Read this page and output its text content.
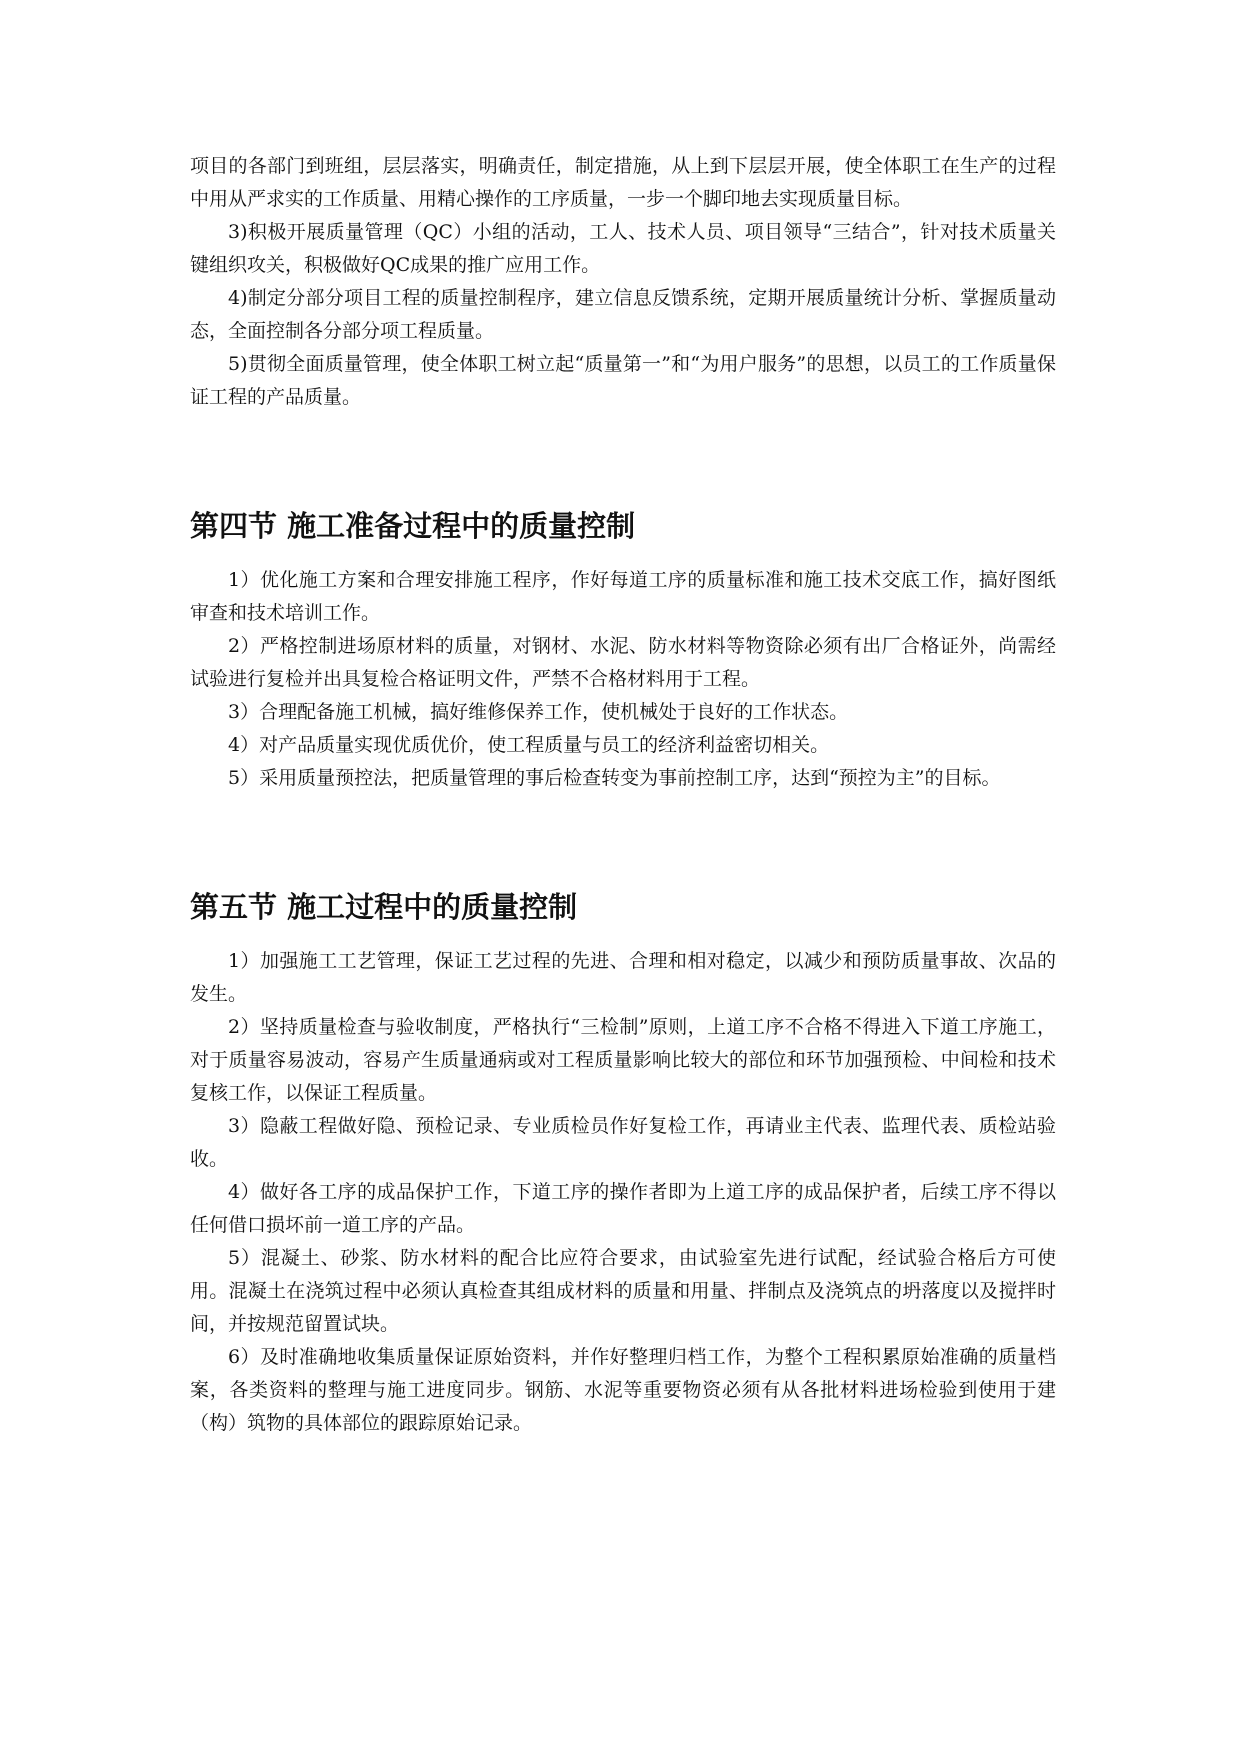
项目的各部门到班组，层层落实，明确责任，制定措施，从上到下层层开展，使全体职工在生产的过程中用从严求实的工作质量、用精心操作的工序质量，一步一个脚印地去实现质量目标。

3)积极开展质量管理（QC）小组的活动，工人、技术人员、项目领导“三结合”，针对技术质量关键组织攻关，积极做好QC成果的推广应用工作。

4)制定分部分项目工程的质量控制程序，建立信息反馈系统，定期开展质量统计分析、掌握质量动态，全面控制各分部分项工程质量。

5)贯彻全面质量管理，使全体职工树立起“质量第一”和“为用户服务”的思想，以员工的工作质量保证工程的产品质量。

第四节 施工准备过程中的质量控制

1）优化施工方案和合理安排施工程序，作好每道工序的质量标准和施工技术交底工作，搞好图纸审查和技术培训工作。

2）严格控制进场原材料的质量，对钢材、水泥、防水材料等物资除必须有出厂合格证外，尚需经试验进行复检并出具复检合格证明文件，严禁不合格材料用于工程。

3）合理配备施工机械，搞好维修保养工作，使机械处于良好的工作状态。

4）对产品质量实现优质优价，使工程质量与员工的经济利益密切相关。

5）采用质量预控法，把质量管理的事后检查转变为事前控制工序，达到“预控为主”的目标。

第五节 施工过程中的质量控制

1）加强施工工艺管理，保证工艺过程的先进、合理和相对稳定，以减少和预防质量事故、次品的发生。

2）坚持质量检查与验收制度，严格执行“三检制”原则，上道工序不合格不得进入下道工序施工，对于质量容易波动，容易产生质量通病或对工程质量影响比较大的部位和环节加强预检、中间检和技术复核工作，以保证工程质量。

3）隐蔽工程做好隐、预检记录、专业质检员作好复检工作，再请业主代表、监理代表、质检站验收。

4）做好各工序的成品保护工作，下道工序的操作者即为上道工序的成品保护者，后续工序不得以任何借口损坏前一道工序的产品。

5）混凝土、砂浆、防水材料的配合比应符合要求，由试验室先进行试配，经试验合格后方可使用。混凝土在浇筑过程中必须认真检查其组成材料的质量和用量、拌制点及浇筑点的坍落度以及搅拌时间，并按规范留置试块。

6）及时准确地收集质量保证原始资料，并作好整理归档工作，为整个工程积累原始准确的质量档案，各类资料的整理与施工进度同步。钢筋、水泥等重要物资必须有从各批材料进场检验到使用于建（构）筑物的具体部位的跟踪原始记录。
